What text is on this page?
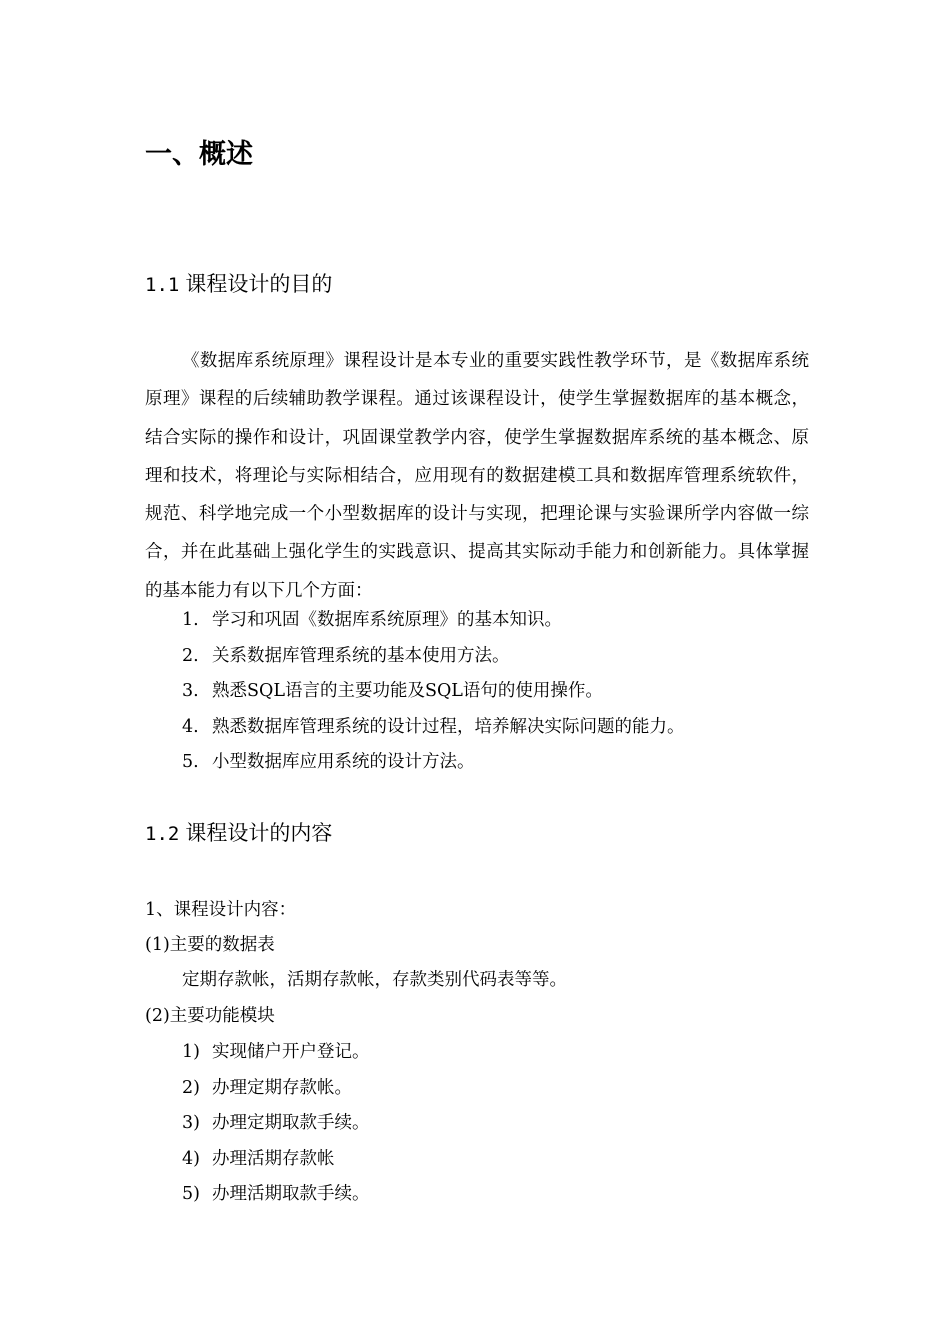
一、概述
1.1 课程设计的目的

《数据库系统原理》课程设计是本专业的重要实践性教学环节，是《数据库系统原理》课程的后续辅助教学课程。通过该课程设计，使学生掌握数据库的基本概念，结合实际的操作和设计，巩固课堂教学内容，使学生掌握数据库系统的基本概念、原理和技术，将理论与实际相结合，应用现有的数据建模工具和数据库管理系统软件，规范、科学地完成一个小型数据库的设计与实现，把理论课与实验课所学内容做一综合，并在此基础上强化学生的实践意识、提高其实际动手能力和创新能力。具体掌握的基本能力有以下几个方面：

1. 学习和巩固《数据库系统原理》的基本知识。
2. 关系数据库管理系统的基本使用方法。
3. 熟悉SQL语言的主要功能及SQL语句的使用操作。
4. 熟悉数据库管理系统的设计过程，培养解决实际问题的能力。
5. 小型数据库应用系统的设计方法。
1.2 课程设计的内容

1、课程设计内容：

(1)主要的数据表

定期存款帐，活期存款帐，存款类别代码表等等。

(2)主要功能模块

1) 实现储户开户登记。
2) 办理定期存款帐。
3) 办理定期取款手续。
4) 办理活期存款帐
5) 办理活期取款手续。
